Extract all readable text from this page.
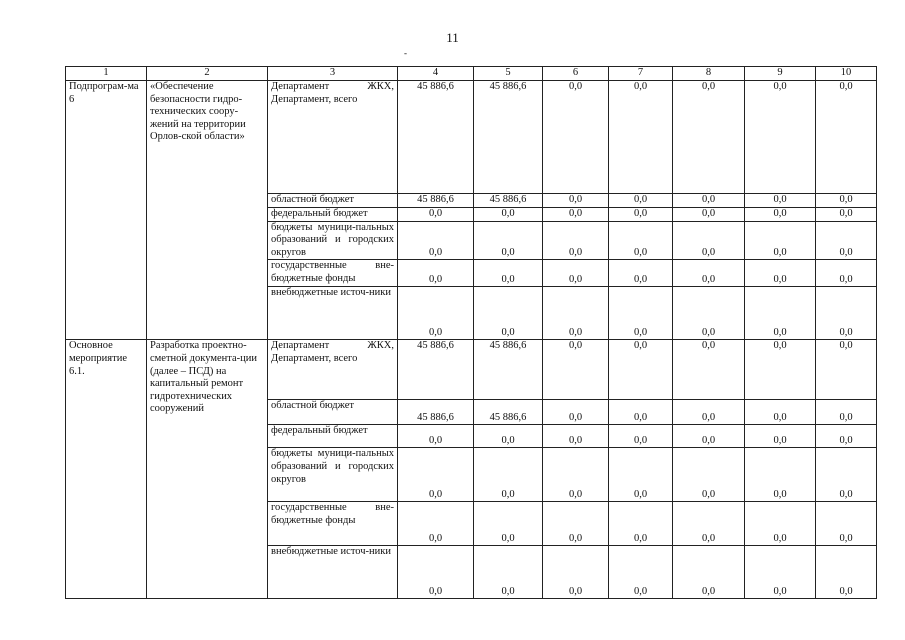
11
-
1	2	3	4	5	6	7	8	9	10
Подпрограм-ма 6	«Обеспечение безопасности гидро-технических соору-жений на территории Орлов-ской области»	Департамент ЖКХ, Департамент, всего	45 886,6	45 886,6	0,0	0,0	0,0	0,0	0,0
		областной бюджет	45 886,6	45 886,6	0,0	0,0	0,0	0,0	0,0
		федеральный бюджет	0,0	0,0	0,0	0,0	0,0	0,0	0,0
		бюджеты муници-пальных образований и городских округов	0,0	0,0	0,0	0,0	0,0	0,0	0,0
		государственные вне-бюджетные фонды	0,0	0,0	0,0	0,0	0,0	0,0	0,0
		внебюджетные источ-ники	0,0	0,0	0,0	0,0	0,0	0,0	0,0
Основное мероприятие 6.1.	Разработка проектно-сметной документа-ции (далее – ПСД) на капитальный ремонт гидротехнических сооружений	Департамент ЖКХ, Департамент, всего	45 886,6	45 886,6	0,0	0,0	0,0	0,0	0,0
		областной бюджет	45 886,6	45 886,6	0,0	0,0	0,0	0,0	0,0
		федеральный бюджет	0,0	0,0	0,0	0,0	0,0	0,0	0,0
		бюджеты муници-пальных образований и городских округов	0,0	0,0	0,0	0,0	0,0	0,0	0,0
		государственные вне-бюджетные фонды	0,0	0,0	0,0	0,0	0,0	0,0	0,0
		внебюджетные источ-ники	0,0	0,0	0,0	0,0	0,0	0,0	0,0
